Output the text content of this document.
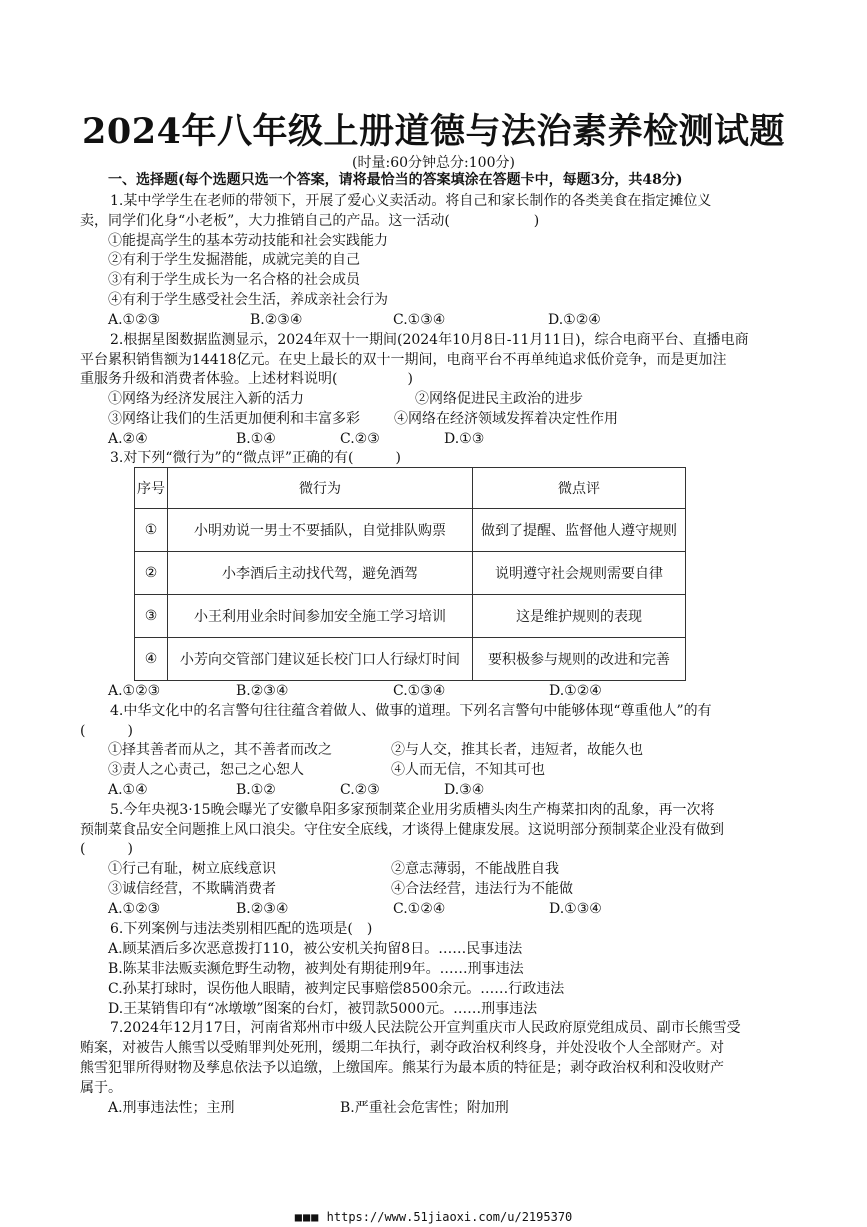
2024年八年级上册道德与法治素养检测试题
(时量:60分钟总分:100分)
一、选择题(每个选题只选一个答案，请将最恰当的答案填涂在答题卡中，每题3分，共48分)
1.某中学学生在老师的带领下，开展了爱心义卖活动。将自己和家长制作的各类美食在指定摊位义
卖，同学们化身“小老板”，大力推销自己的产品。这一活动(　　　　　　)
①能提高学生的基本劳动技能和社会实践能力
②有利于学生发掘潜能，成就完美的自己
③有利于学生成长为一名合格的社会成员
④有利于学生感受社会生活，养成亲社会行为
A.①②③	B.②③④	C.①③④	D.①②④
2.根据星图数据监测显示，2024年双十一期间(2024年10月8日-11月11日)，综合电商平台、直播电商
平台累积销售额为14418亿元。在史上最长的双十一期间，电商平台不再单纯追求低价竞争，而是更加注
重服务升级和消费者体验。上述材料说明(　　　　　)
①网络为经济发展注入新的活力	②网络促进民主政治的进步
③网络让我们的生活更加便利和丰富多彩 ④网络在经济领域发挥着决定性作用
A.②④	B.①④	C.②③	D.①③
3.对下列“微行为”的“微点评”正确的有(　　　)
序号	微行为	微点评
①	小明劝说一男士不要插队，自觉排队购票	做到了提醒、监督他人遵守规则
②	小李酒后主动找代驾，避免酒驾	说明遵守社会规则需要自律
③	小王利用业余时间参加安全施工学习培训	这是维护规则的表现
④	小芳向交管部门建议延长校门口人行绿灯时间	要积极参与规则的改进和完善
A.①②③	B.②③④	C.①③④	D.①②④
4.中华文化中的名言警句往往蕴含着做人、做事的道理。下列名言警句中能够体现“尊重他人”的有
(　　　)
①择其善者而从之，其不善者而改之	②与人交，推其长者，违短者，故能久也
③责人之心责己，恕己之心恕人	④人而无信，不知其可也
A.①④	B.①②	C.②③	D.③④
5.今年央视3·15晚会曝光了安徽阜阳多家预制菜企业用劣质槽头肉生产梅菜扣肉的乱象，再一次将
预制菜食品安全问题推上风口浪尖。守住安全底线，才谈得上健康发展。这说明部分预制菜企业没有做到
(　　　)
①行己有耻，树立底线意识	②意志薄弱，不能战胜自我
③诚信经营，不欺瞒消费者	④合法经营，违法行为不能做
A.①②③	B.②③④	C.①②④	D.①③④
6.下列案例与违法类别相匹配的选项是(　)
A.顾某酒后多次恶意拨打110，被公安机关拘留8日。……民事违法
B.陈某非法贩卖濒危野生动物，被判处有期徒刑9年。……刑事违法
C.孙某打球时，误伤他人眼睛，被判定民事赔偿8500余元。……行政违法
D.王某销售印有“冰墩墩”图案的台灯，被罚款5000元。……刑事违法
7.2024年12月17日，河南省郑州市中级人民法院公开宣判重庆市人民政府原党组成员、副市长熊雪受
贿案，对被告人熊雪以受贿罪判处死刑，缓期二年执行，剥夺政治权利终身，并处没收个人全部财产。对
熊雪犯罪所得财物及孳息依法予以追缴，上缴国库。熊某行为最本质的特征是；剥夺政治权利和没收财产
属于。
A.刑事违法性；主刑	B.严重社会危害性；附加刑
■■■ https://www.51jiaoxi.com/u/2195370
